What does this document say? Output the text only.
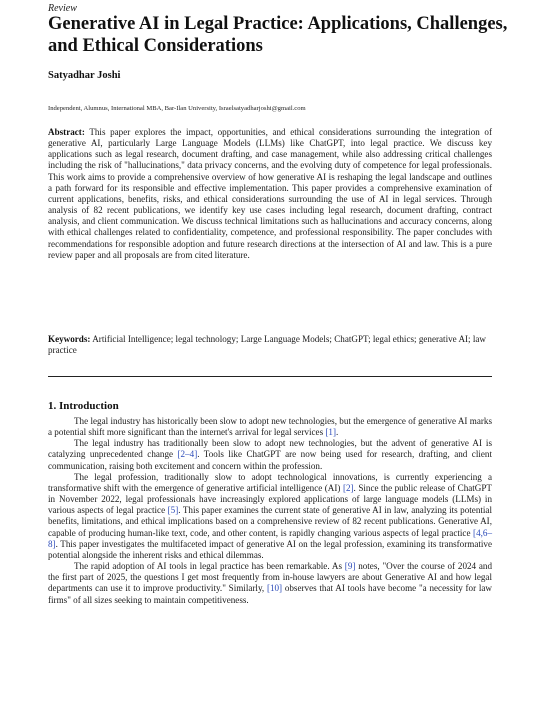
Review
Generative AI in Legal Practice: Applications, Challenges, and Ethical Considerations
Satyadhar Joshi
Independent, Alumnus, International MBA, Bar-Ilan University, Israelsatyadharjoshi@gmail.com

Abstract: This paper explores the impact, opportunities, and ethical considerations surrounding the integration of generative AI, particularly Large Language Models (LLMs) like ChatGPT, into legal practice. We discuss key applications such as legal research, document drafting, and case management, while also addressing critical challenges including the risk of "hallucinations," data privacy concerns, and the evolving duty of competence for legal professionals. This work aims to provide a comprehensive overview of how generative AI is reshaping the legal landscape and outlines a path forward for its responsible and effective implementation. This paper provides a comprehensive examination of current applications, benefits, risks, and ethical considerations surrounding the use of AI in legal services. Through analysis of 82 recent publications, we identify key use cases including legal research, document drafting, contract analysis, and client communication. We discuss technical limitations such as hallucinations and accuracy concerns, along with ethical challenges related to confidentiality, competence, and professional responsibility. The paper concludes with recommendations for responsible adoption and future research directions at the intersection of AI and law. This is a pure review paper and all proposals are from cited literature.

Keywords: Artificial Intelligence; legal technology; Large Language Models; ChatGPT; legal ethics; generative AI; law practice

1. Introduction

The legal industry has historically been slow to adopt new technologies, but the emergence of generative AI marks a potential shift more significant than the internet's arrival for legal services [1].

The legal industry has traditionally been slow to adopt new technologies, but the advent of generative AI is catalyzing unprecedented change [2–4]. Tools like ChatGPT are now being used for research, drafting, and client communication, raising both excitement and concern within the profession.

The legal profession, traditionally slow to adopt technological innovations, is currently experiencing a transformative shift with the emergence of generative artificial intelligence (AI) [2]. Since the public release of ChatGPT in November 2022, legal professionals have increasingly explored applications of large language models (LLMs) in various aspects of legal practice [5]. This paper examines the current state of generative AI in law, analyzing its potential benefits, limitations, and ethical implications based on a comprehensive review of 82 recent publications. Generative AI, capable of producing human-like text, code, and other content, is rapidly changing various aspects of legal practice [4,6–8]. This paper investigates the multifaceted impact of generative AI on the legal profession, examining its transformative potential alongside the inherent risks and ethical dilemmas.

The rapid adoption of AI tools in legal practice has been remarkable. As [9] notes, "Over the course of 2024 and the first part of 2025, the questions I get most frequently from in-house lawyers are about Generative AI and how legal departments can use it to improve productivity." Similarly, [10] observes that AI tools have become "a necessity for law firms" of all sizes seeking to maintain competitiveness.
